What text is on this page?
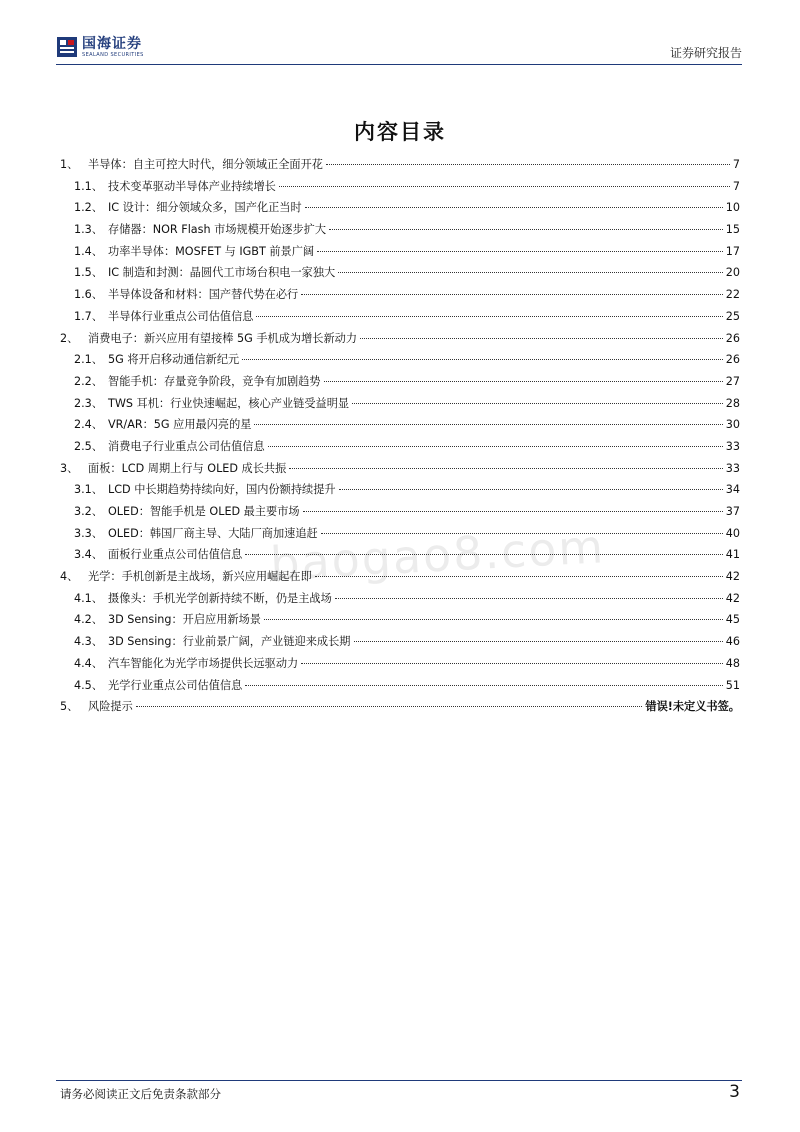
国海证券
SEALAND SECURITIES	证券研究报告
内容目录
1、 半导体：自主可控大时代，细分领域正全面开花	7
1.1、 技术变革驱动半导体产业持续增长	7
1.2、 IC 设计：细分领域众多，国产化正当时	10
1.3、 存储器：NOR Flash 市场规模开始逐步扩大	15
1.4、 功率半导体：MOSFET 与 IGBT 前景广阔	17
1.5、 IC 制造和封测：晶圆代工市场台积电一家独大	20
1.6、 半导体设备和材料：国产替代势在必行	22
1.7、 半导体行业重点公司估值信息	25
2、 消费电子：新兴应用有望接棒 5G 手机成为增长新动力	26
2.1、 5G 将开启移动通信新纪元	26
2.2、 智能手机：存量竞争阶段，竞争有加剧趋势	27
2.3、 TWS 耳机：行业快速崛起，核心产业链受益明显	28
2.4、 VR/AR：5G 应用最闪亮的星	30
2.5、 消费电子行业重点公司估值信息	33
3、 面板：LCD 周期上行与 OLED 成长共振	33
3.1、 LCD 中长期趋势持续向好，国内份额持续提升	34
3.2、 OLED：智能手机是 OLED 最主要市场	37
3.3、 OLED：韩国厂商主导、大陆厂商加速追赶	40
3.4、 面板行业重点公司估值信息	41
4、 光学：手机创新是主战场，新兴应用崛起在即	42
4.1、 摄像头：手机光学创新持续不断，仍是主战场	42
4.2、 3D Sensing：开启应用新场景	45
4.3、 3D Sensing：行业前景广阔，产业链迎来成长期	46
4.4、 汽车智能化为光学市场提供长远驱动力	48
4.5、 光学行业重点公司估值信息	51
5、 风险提示	错误!未定义书签。
baogao8.com
请务必阅读正文后免责条款部分	3
